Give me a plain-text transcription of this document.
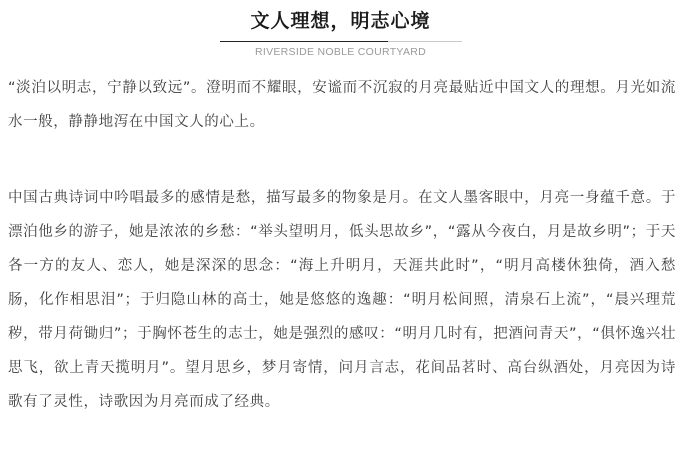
文人理想，明志心境
RIVERSIDE NOBLE COURTYARD

“淡泊以明志，宁静以致远”。澄明而不耀眼，安谧而不沉寂的月亮最贴近中国文人的理想。月光如流水一般，静静地泻在中国文人的心上。

中国古典诗词中吟唱最多的感情是愁，描写最多的物象是月。在文人墨客眼中，月亮一身蕴千意。于漂泊他乡的游子，她是浓浓的乡愁：“举头望明月，低头思故乡”，“露从今夜白，月是故乡明”；于天各一方的友人、恋人，她是深深的思念：“海上升明月，天涯共此时”，“明月高楼休独倚，酒入愁肠，化作相思泪”；于归隐山林的高士，她是悠悠的逸趣：“明月松间照，清泉石上流”，“晨兴理荒秽，带月荷锄归”；于胸怀苍生的志士，她是强烈的感叹：“明月几时有，把酒问青天”，“俱怀逸兴壮思飞，欲上青天揽明月”。望月思乡，梦月寄情，问月言志，花间品茗时、高台纵酒处，月亮因为诗歌有了灵性，诗歌因为月亮而成了经典。
